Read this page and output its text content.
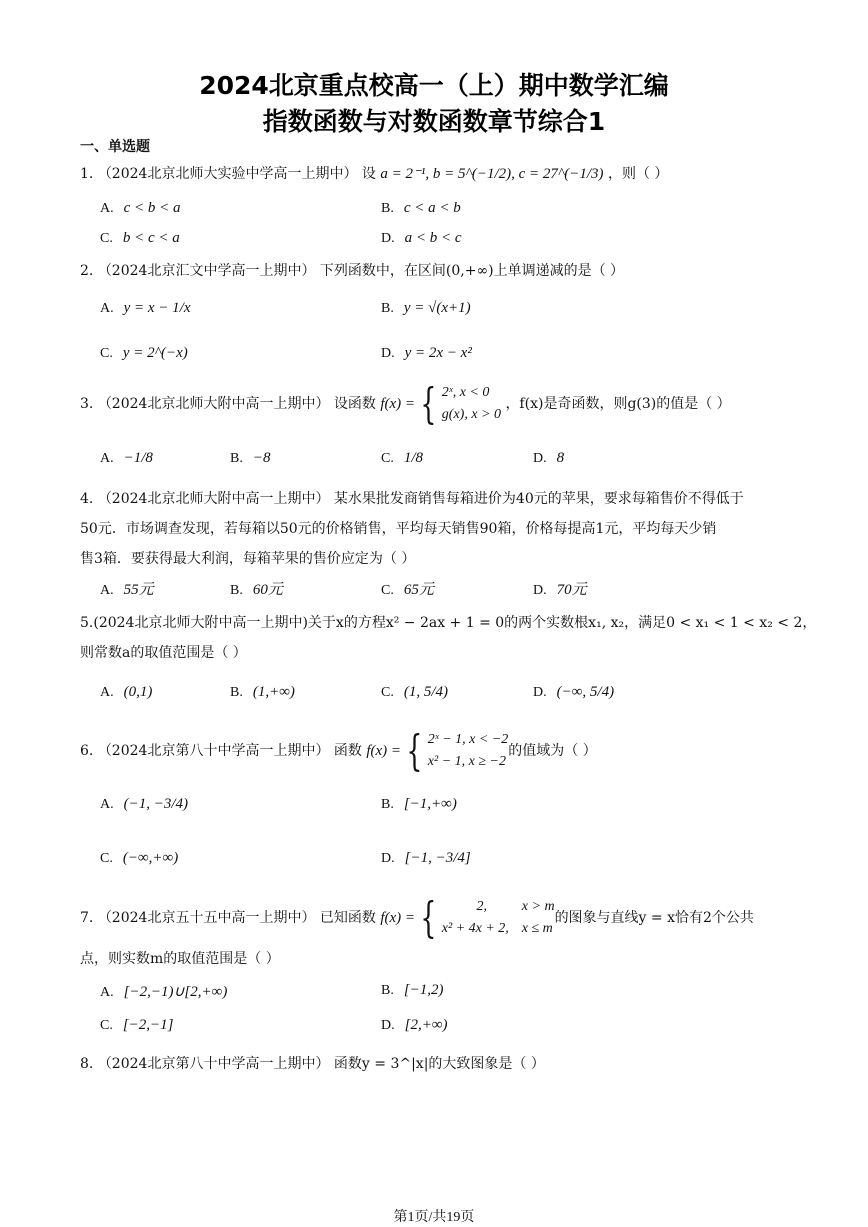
2024北京重点校高一（上）期中数学汇编
指数函数与对数函数章节综合1
一、单选题
1. （2024北京北师大实验中学高一上期中） 设 a = 2⁻¹, b = 5^(−1/2), c = 27^(−1/3) ，则（ ）
A. c < b < a	B. c < a < b
C. b < c < a	D. a < b < c
2. （2024北京汇文中学高一上期中） 下列函数中，在区间(0,+∞)上单调递减的是（ ）
A. y = x − 1/x	B. y = √(x+1)
C. y = 2^(−x)	D. y = 2x − x²
3. （2024北京北师大附中高一上期中） 设函数 f(x) = { 2ˣ, x < 0
g(x), x > 0
，f(x)是奇函数，则g(3)的值是（ ）
A. −1/8	B. −8	C. 1/8	D. 8
4. （2024北京北师大附中高一上期中） 某水果批发商销售每箱进价为40元的苹果，要求每箱售价不得低于
50元．市场调查发现，若每箱以50元的价格销售，平均每天销售90箱，价格每提高1元，平均每天少销
售3箱．要获得最大利润，每箱苹果的售价应定为（ ）
A. 55元	B. 60元	C. 65元	D. 70元
5.(2024北京北师大附中高一上期中)关于x的方程x² − 2ax + 1 = 0的两个实数根x₁, x₂，满足0 < x₁ < 1 < x₂ < 2，
则常数a的取值范围是（ ）
A. (0,1)	B. (1,+∞)	C. (1, 5/4)	D. (−∞, 5/4)
6. （2024北京第八十中学高一上期中） 函数 f(x) = { 2ˣ − 1, x < −2
x² − 1, x ≥ −2
的值域为（ ）
A. (−1, −3/4)	B. [−1,+∞)
C. (−∞,+∞)	D. [−1, −3/4]
7. （2024北京五十五中高一上期中） 已知函数 f(x) = {	2, x > m
x² + 4x + 2, x ≤ m
的图象与直线y = x恰有2个公共
点，则实数m的取值范围是（ ）
A. [−2,−1)∪[2,+∞)	B. [−1,2)
C. [−2,−1]	D. [2,+∞)
8. （2024北京第八十中学高一上期中） 函数y = 3^|x|的大致图象是（ ）
第1页/共19页
